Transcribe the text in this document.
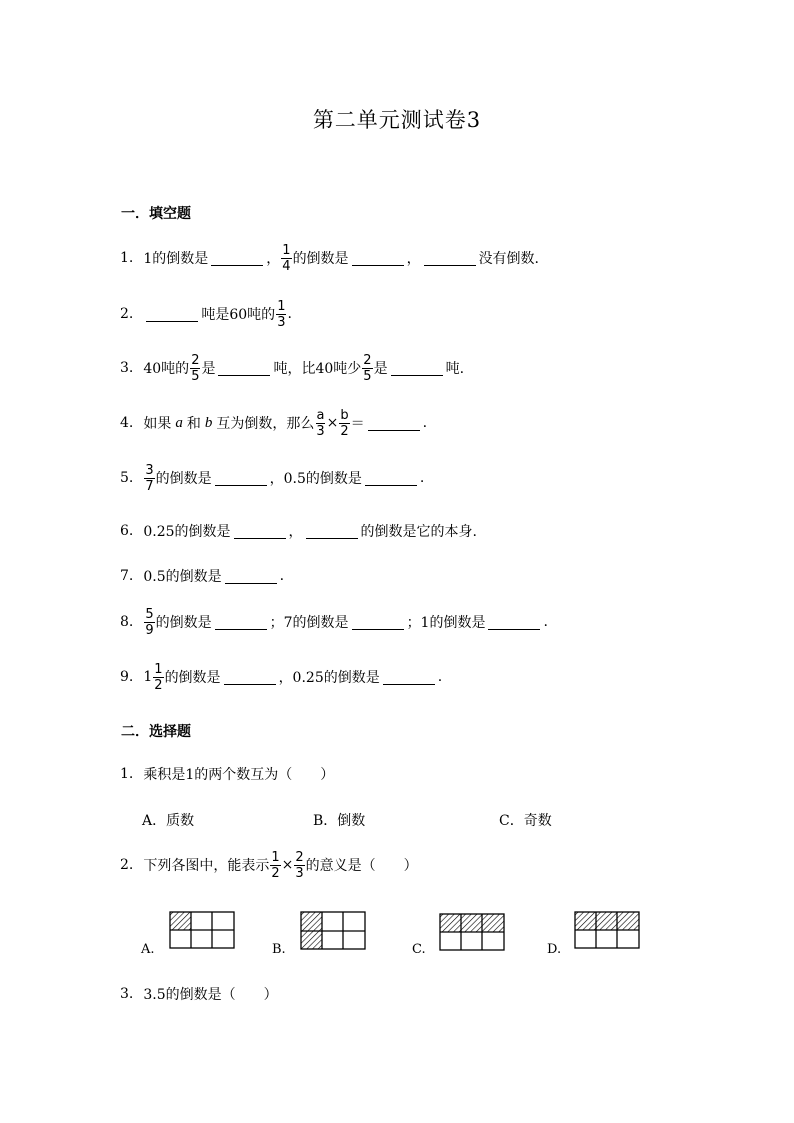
第二单元测试卷3
一．填空题
1. 1的倒数是	， $\frac{1}{4}$ 的倒数是	，	没有倒数.
2.	吨是60吨的 $\frac{1}{3}$ .
3. 40吨的 $\frac{2}{5}$ 是	吨，比40吨少 $\frac{2}{5}$ 是	吨.
4. 如果 a 和 b 互为倒数，那么 $\frac{a}{3} \times \frac{b}{2}$ ＝	.
5. $\frac{3}{7}$ 的倒数是	，0.5的倒数是	.
6. 0.25的倒数是	，	的倒数是它的本身.
7. 0.5的倒数是	.
8. $\frac{5}{9}$ 的倒数是	；7的倒数是	；1的倒数是	.
9. $1 \frac{1}{2}$ 的倒数是	，0.25的倒数是	.
二．选择题
1. 乘积是1的两个数互为（　　）
A．质数	B．倒数	C．奇数
2. 下列各图中，能表示 $\frac{1}{2} \times \frac{2}{3}$ 的意义是（　　）
A.	B.	C.	D.
3. 3.5的倒数是（　　）
